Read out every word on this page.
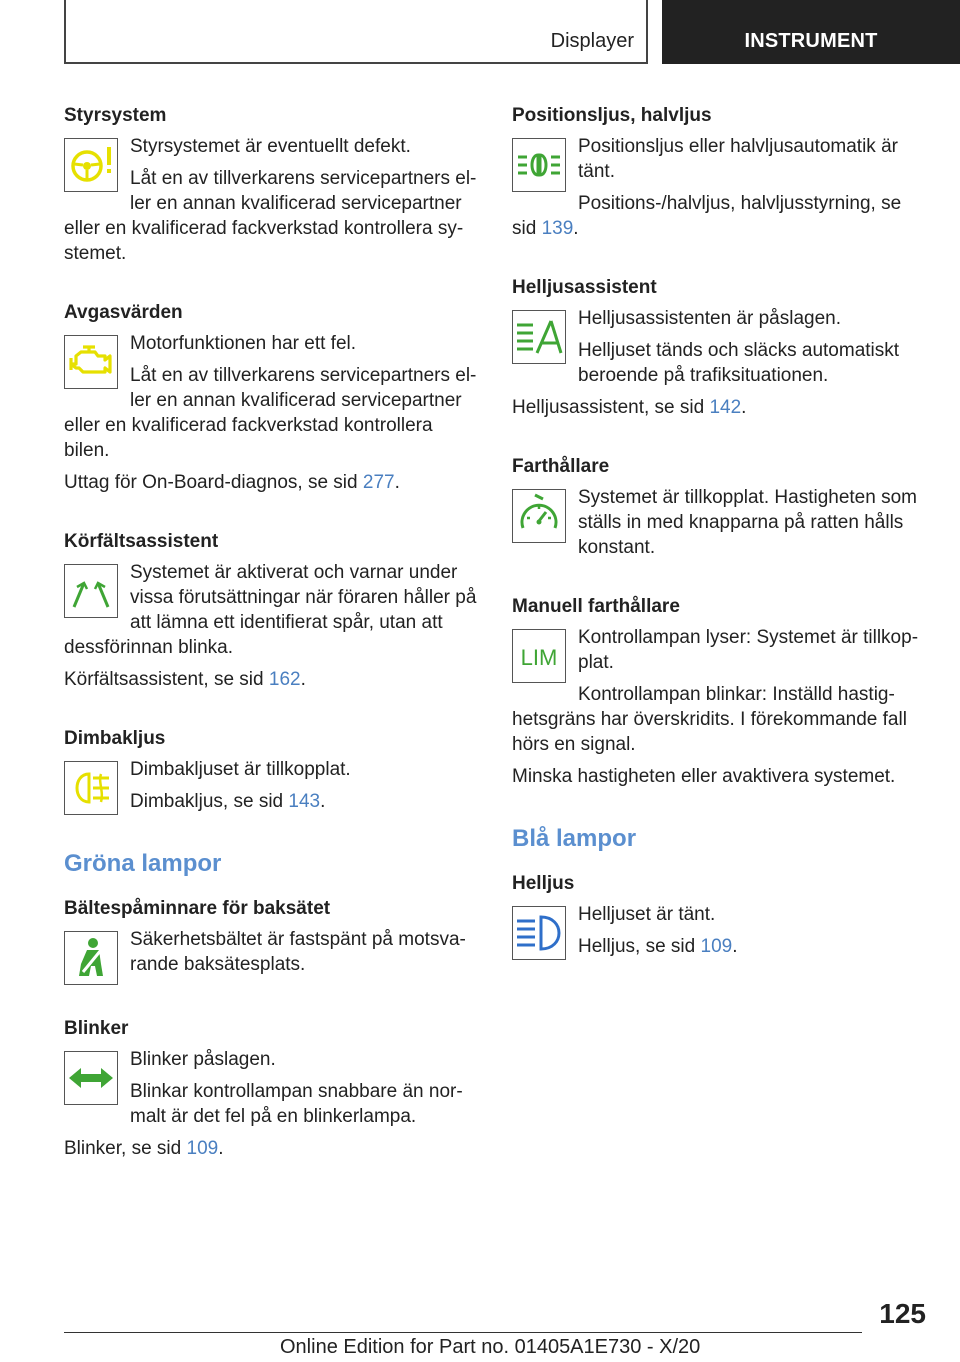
Displayer	INSTRUMENT
Styrsystem

Styrsystemet är eventuellt defekt.

Låt en av tillverkarens servicepartners eller en annan kvalificerad servicepartner eller en kvalificerad fackverkstad kontrollera systemet.

Avgasvärden

Motorfunktionen har ett fel.

Låt en av tillverkarens servicepartners eller en annan kvalificerad servicepartner eller en kvalificerad fackverkstad kontrollera bilen.

Uttag för On-Board-diagnos, se sid 277.

Körfältsassistent

Systemet är aktiverat och varnar under vissa förutsättningar när föraren håller på att lämna ett identifierat spår, utan att dessförinnan blinka.

Körfältsassistent, se sid 162.

Dimbakljus

Dimbakljuset är tillkopplat.

Dimbakljus, se sid 143.

Gröna lampor
Bältespåminnare för baksätet

Säkerhetsbältet är fastspänt på motsvarande baksätesplats.

Blinker

Blinker påslagen.

Blinkar kontrollampan snabbare än normalt är det fel på en blinkerlampa.

Blinker, se sid 109.

Positionsljus, halvljus

Positionsljus eller halvljusautomatik är tänt.

Positions-/halvljus, halvljusstyrning, se sid 139.

Helljusassistent

Helljusassistenten är påslagen.

Helljuset tänds och släcks automatiskt beroende på trafiksituationen.

Helljusassistent, se sid 142.

Farthållare

Systemet är tillkopplat. Hastigheten som ställs in med knapparna på ratten hålls konstant.

Manuell farthållare
LIM

Kontrollampan lyser: Systemet är tillkopplat.

Kontrollampan blinkar: Inställd hastighetsgräns har överskridits. I förekommande fall hörs en signal.

Minska hastigheten eller avaktivera systemet.

Blå lampor
Helljus

Helljuset är tänt.

Helljus, se sid 109.

125
Online Edition for Part no. 01405A1E730 - X/20
